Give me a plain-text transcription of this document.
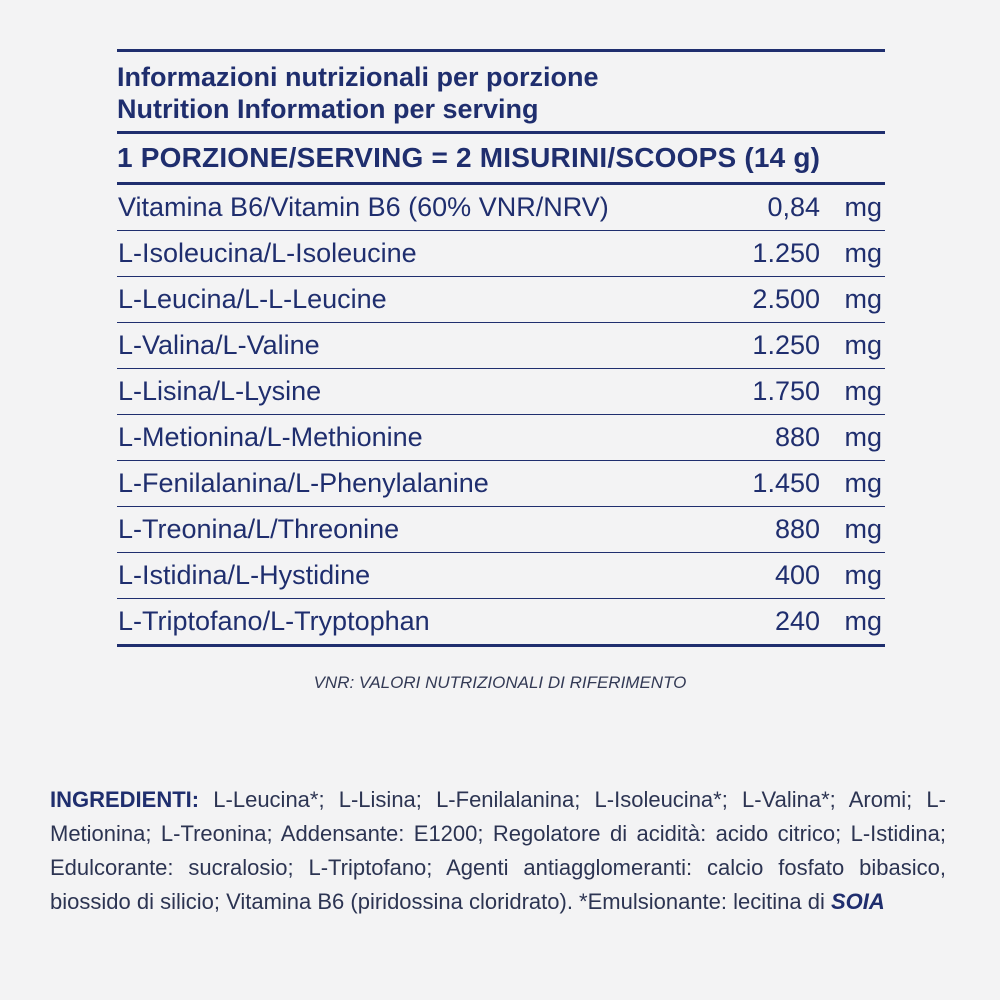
Informazioni nutrizionali per porzione
Nutrition Information per serving
1 PORZIONE/SERVING = 2 MISURINI/SCOOPS (14 g)
Vitamina B6/Vitamin B6 (60% VNR/NRV)	0,84 mg
L-Isoleucina/L-Isoleucine	1.250 mg
L-Leucina/L-L-Leucine	2.500 mg
L-Valina/L-Valine	1.250 mg
L-Lisina/L-Lysine	1.750 mg
L-Metionina/L-Methionine	880 mg
L-Fenilalanina/L-Phenylalanine	1.450 mg
L-Treonina/L/Threonine	880 mg
L-Istidina/L-Hystidine	400 mg
L-Triptofano/L-Tryptophan	240 mg
VNR: VALORI NUTRIZIONALI DI RIFERIMENTO
INGREDIENTI: L-Leucina*; L-Lisina; L-Fenilalanina; L-Isoleucina*; L-Valina*; Aromi; L-Metionina; L-Treonina; Addensante: E1200; Regolatore di acidità: acido citrico; L-Istidina; Edulcorante: sucralosio; L-Triptofano; Agenti antiagglomeranti: calcio fosfato bibasico, biossido di silicio; Vitamina B6 (piridossina cloridrato). *Emulsionante: lecitina di SOIA
